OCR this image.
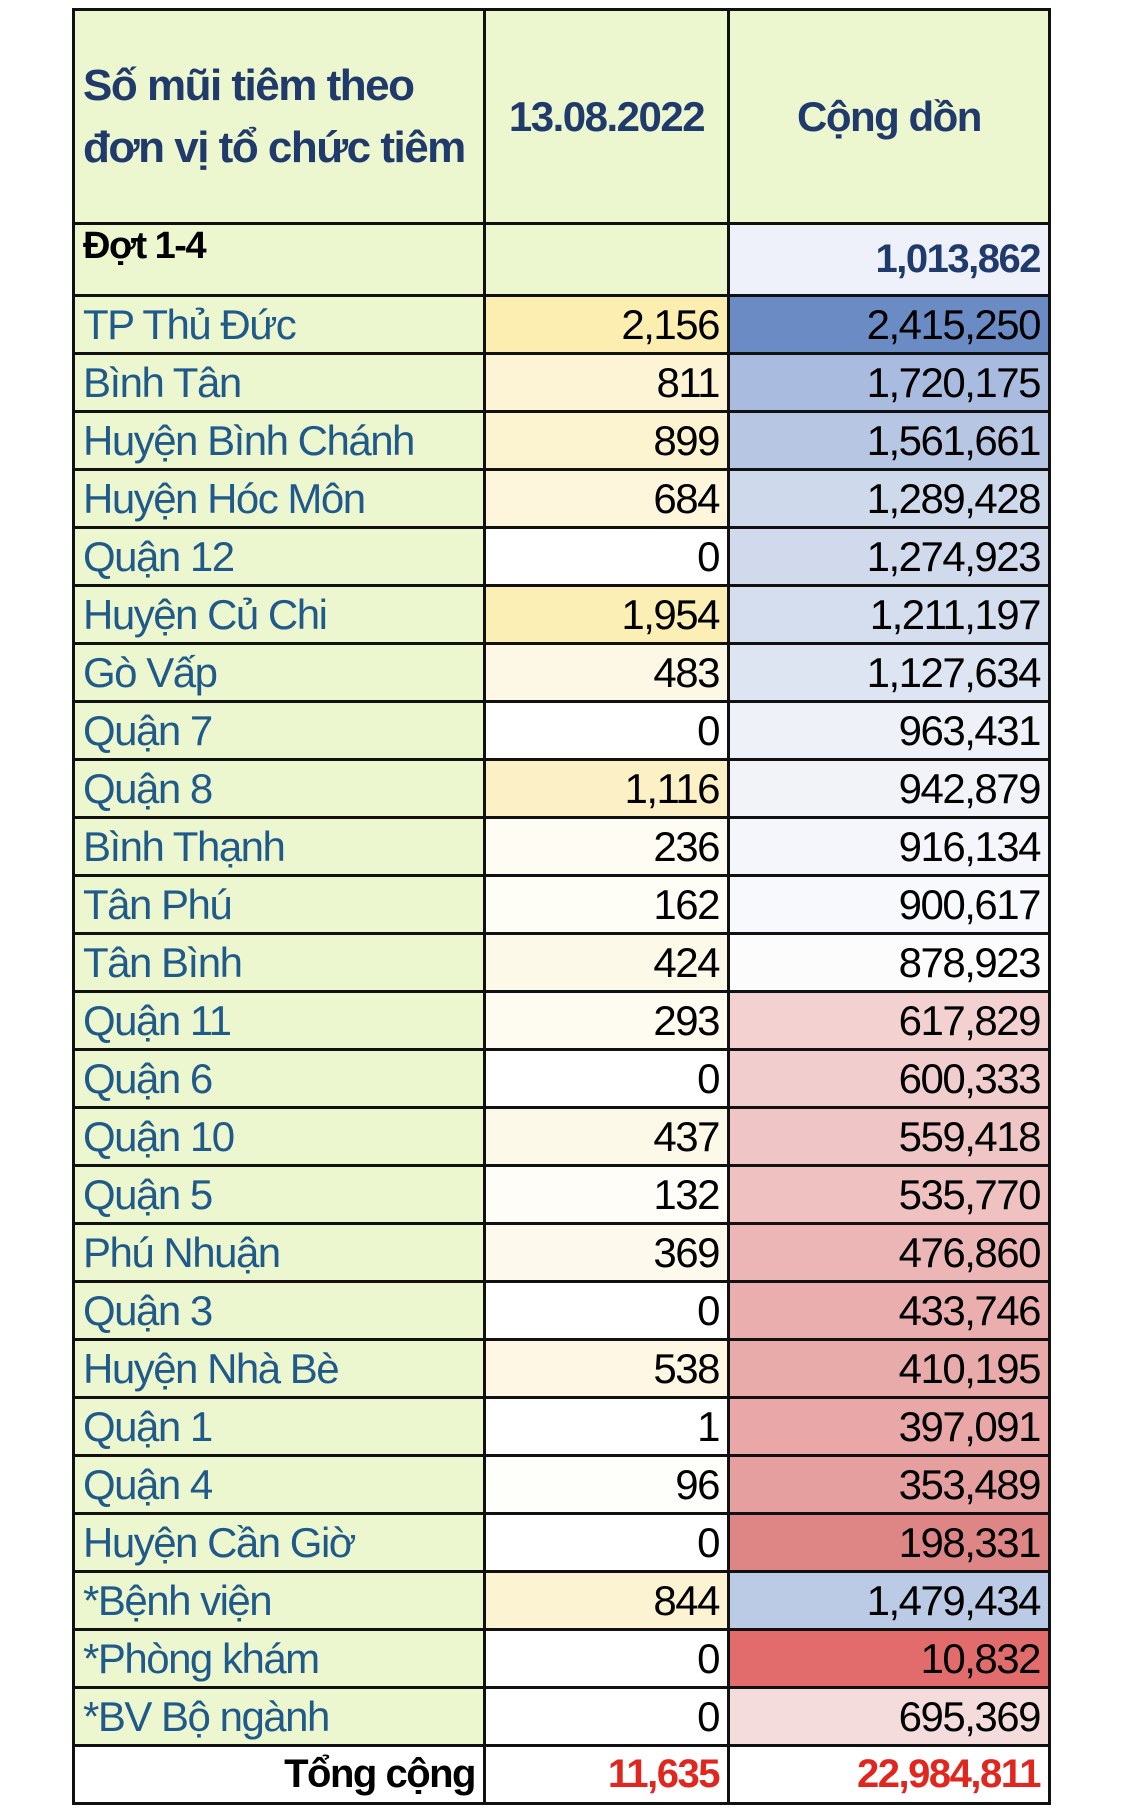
Số mũi tiêm theo đơn vị tổ chức tiêm	13.08.2022	Cộng dồn
Đợt 1-4		1,013,862
TP Thủ Đức	2,156	2,415,250
Bình Tân	811	1,720,175
Huyện Bình Chánh	899	1,561,661
Huyện Hóc Môn	684	1,289,428
Quận 12	0	1,274,923
Huyện Củ Chi	1,954	1,211,197
Gò Vấp	483	1,127,634
Quận 7	0	963,431
Quận 8	1,116	942,879
Bình Thạnh	236	916,134
Tân Phú	162	900,617
Tân Bình	424	878,923
Quận 11	293	617,829
Quận 6	0	600,333
Quận 10	437	559,418
Quận 5	132	535,770
Phú Nhuận	369	476,860
Quận 3	0	433,746
Huyện Nhà Bè	538	410,195
Quận 1	1	397,091
Quận 4	96	353,489
Huyện Cần Giờ	0	198,331
*Bệnh viện	844	1,479,434
*Phòng khám	0	10,832
*BV Bộ ngành	0	695,369
Tổng cộng	11,635	22,984,811
